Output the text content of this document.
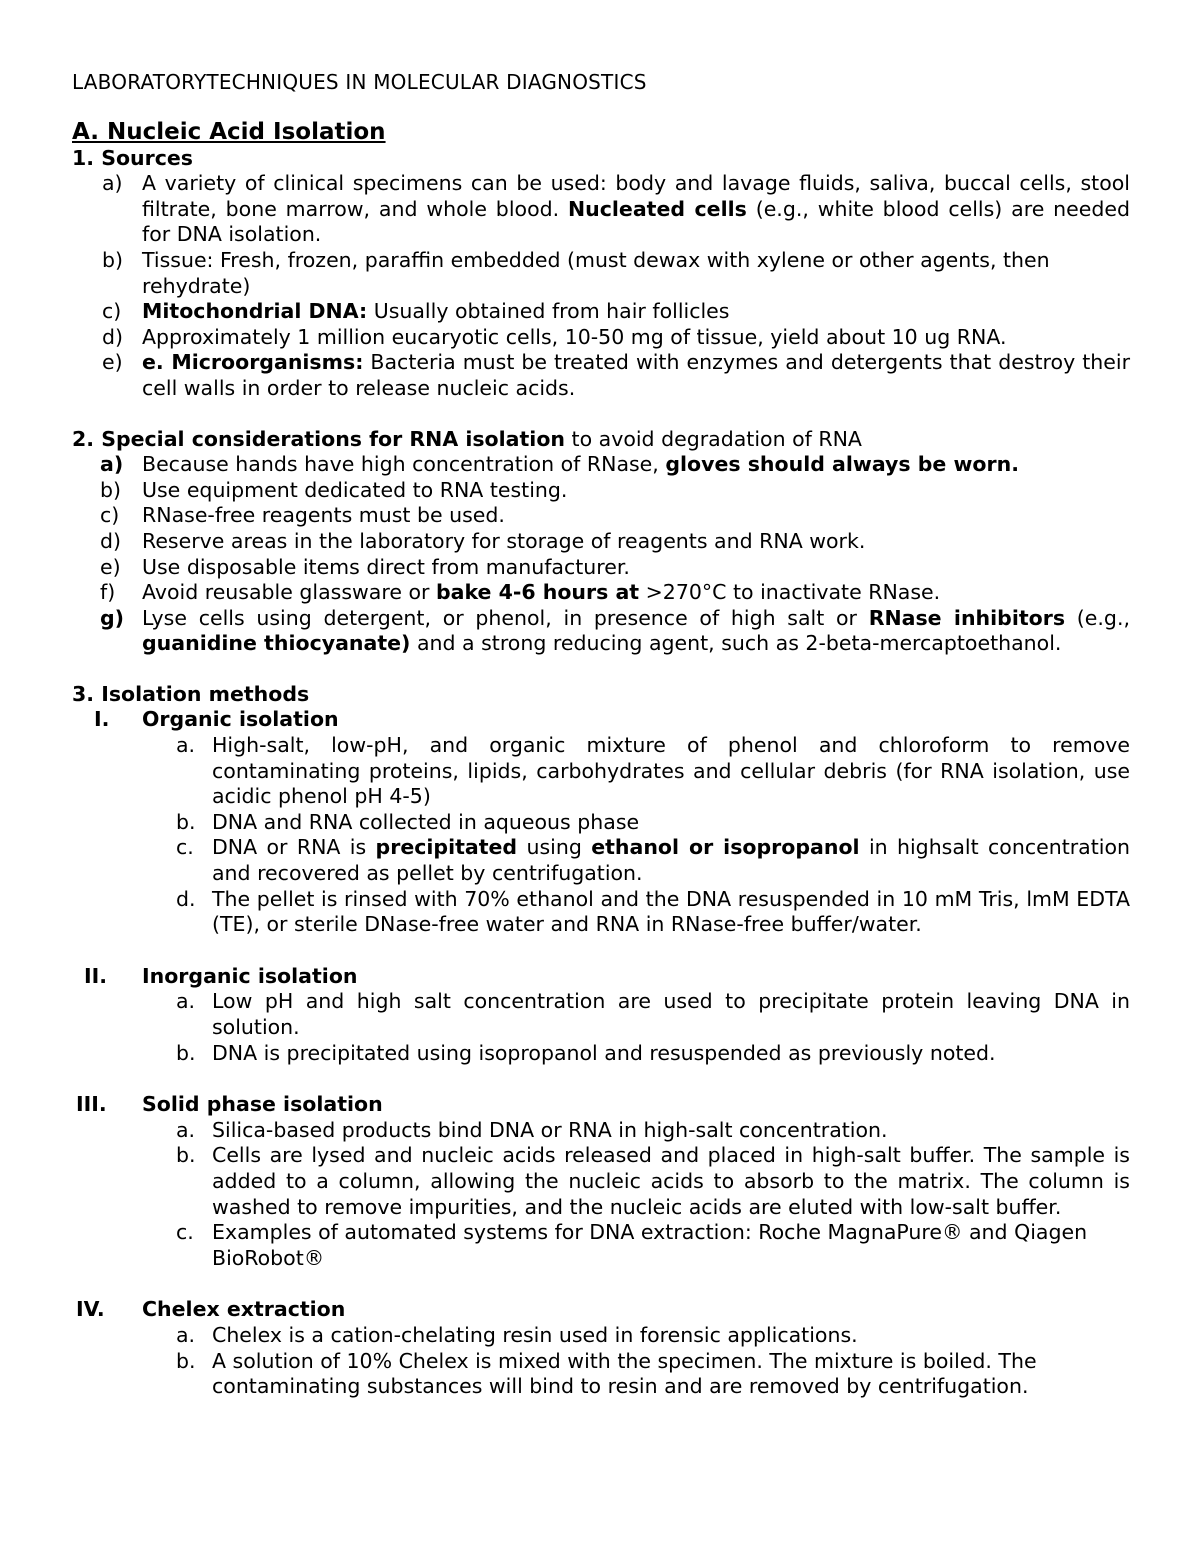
LABORATORYTECHNIQUES IN MOLECULAR DIAGNOSTICS
A. Nucleic Acid Isolation
1. Sources
a) A variety of clinical specimens can be used: body and lavage fluids, saliva, buccal cells, stool filtrate, bone marrow, and whole blood. Nucleated cells (e.g., white blood cells) are needed for DNA isolation.
b) Tissue: Fresh, frozen, paraffin embedded (must dewax with xylene or other agents, then rehydrate)
c)	Mitochondrial DNA: Usually obtained from hair follicles
d) Approximately 1 million eucaryotic cells, 10-50 mg of tissue, yield about 10 ug RNA.
e) e. Microorganisms: Bacteria must be treated with enzymes and detergents that destroy their cell walls in order to release nucleic acids.
2. Special considerations for RNA isolation to avoid degradation of RNA
a) Because hands have high concentration of RNase, gloves should always be worn.
b)	Use equipment dedicated to RNA testing.
c)	RNase-free reagents must be used.
d)	Reserve areas in the laboratory for storage of reagents and RNA work.
e)	Use disposable items direct from manufacturer.
f)	Avoid reusable glassware or bake 4-6 hours at >270°C to inactivate RNase.
g) Lyse cells using detergent, or phenol, in presence of high salt or RNase inhibitors (e.g., guanidine thiocyanate) and a strong reducing agent, such as 2-beta-mercaptoethanol.
3. Isolation methods
I.	Organic isolation
a. High-salt, low-pH, and organic mixture of phenol and chloroform to remove contaminating proteins, lipids, carbohydrates and cellular debris (for RNA isolation, use acidic phenol pH 4-5)
b. DNA and RNA collected in aqueous phase
c. DNA or RNA is precipitated using ethanol or isopropanol in highsalt concentration and recovered as pellet by centrifugation.
d. The pellet is rinsed with 70% ethanol and the DNA resuspended in 10 mM Tris, lmM EDTA (TE), or sterile DNase-free water and RNA in RNase-free buffer/water.
II.	Inorganic isolation
a. Low pH and high salt concentration are used to precipitate protein leaving DNA in solution.
b. DNA is precipitated using isopropanol and resuspended as previously noted.
III.	Solid phase isolation
a. Silica-based products bind DNA or RNA in high-salt concentration.
b. Cells are lysed and nucleic acids released and placed in high-salt buffer. The sample is added to a column, allowing the nucleic acids to absorb to the matrix. The column is washed to remove impurities, and the nucleic acids are eluted with low-salt buffer.
c. Examples of automated systems for DNA extraction: Roche MagnaPure® and Qiagen BioRobot®
IV.	Chelex extraction
a. Chelex is a cation-chelating resin used in forensic applications.
b. A solution of 10% Chelex is mixed with the specimen. The mixture is boiled. The contaminating substances will bind to resin and are removed by centrifugation.
